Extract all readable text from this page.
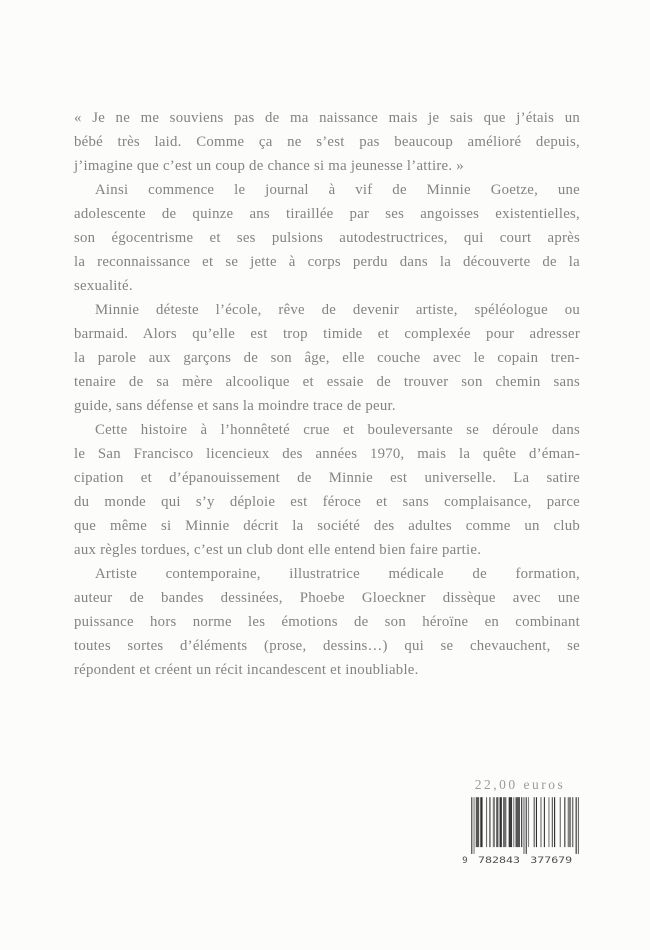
« Je ne me souviens pas de ma naissance mais je sais que j’étais un
bébé très laid. Comme ça ne s’est pas beaucoup amélioré depuis,
j’imagine que c’est un coup de chance si ma jeunesse l’attire. »
Ainsi commence le journal à vif de Minnie Goetze, une
adolescente de quinze ans tiraillée par ses angoisses existentielles,
son égocentrisme et ses pulsions autodestructrices, qui court après
la reconnaissance et se jette à corps perdu dans la découverte de la
sexualité.
Minnie déteste l’école, rêve de devenir artiste, spéléologue ou
barmaid. Alors qu’elle est trop timide et complexée pour adresser
la parole aux garçons de son âge, elle couche avec le copain tren-
tenaire de sa mère alcoolique et essaie de trouver son chemin sans
guide, sans défense et sans la moindre trace de peur.
Cette histoire à l’honnêteté crue et bouleversante se déroule dans
le San Francisco licencieux des années 1970, mais la quête d’éman-
cipation et d’épanouissement de Minnie est universelle. La satire
du monde qui s’y déploie est féroce et sans complaisance, parce
que même si Minnie décrit la société des adultes comme un club
aux règles tordues, c’est un club dont elle entend bien faire partie.
Artiste contemporaine, illustratrice médicale de formation,
auteur de bandes dessinées, Phoebe Gloeckner dissèque avec une
puissance hors norme les émotions de son héroïne en combinant
toutes sortes d’éléments (prose, dessins…) qui se chevauchent, se
répondent et créent un récit incandescent et inoubliable.
22,00 euros
9 782843 377679
